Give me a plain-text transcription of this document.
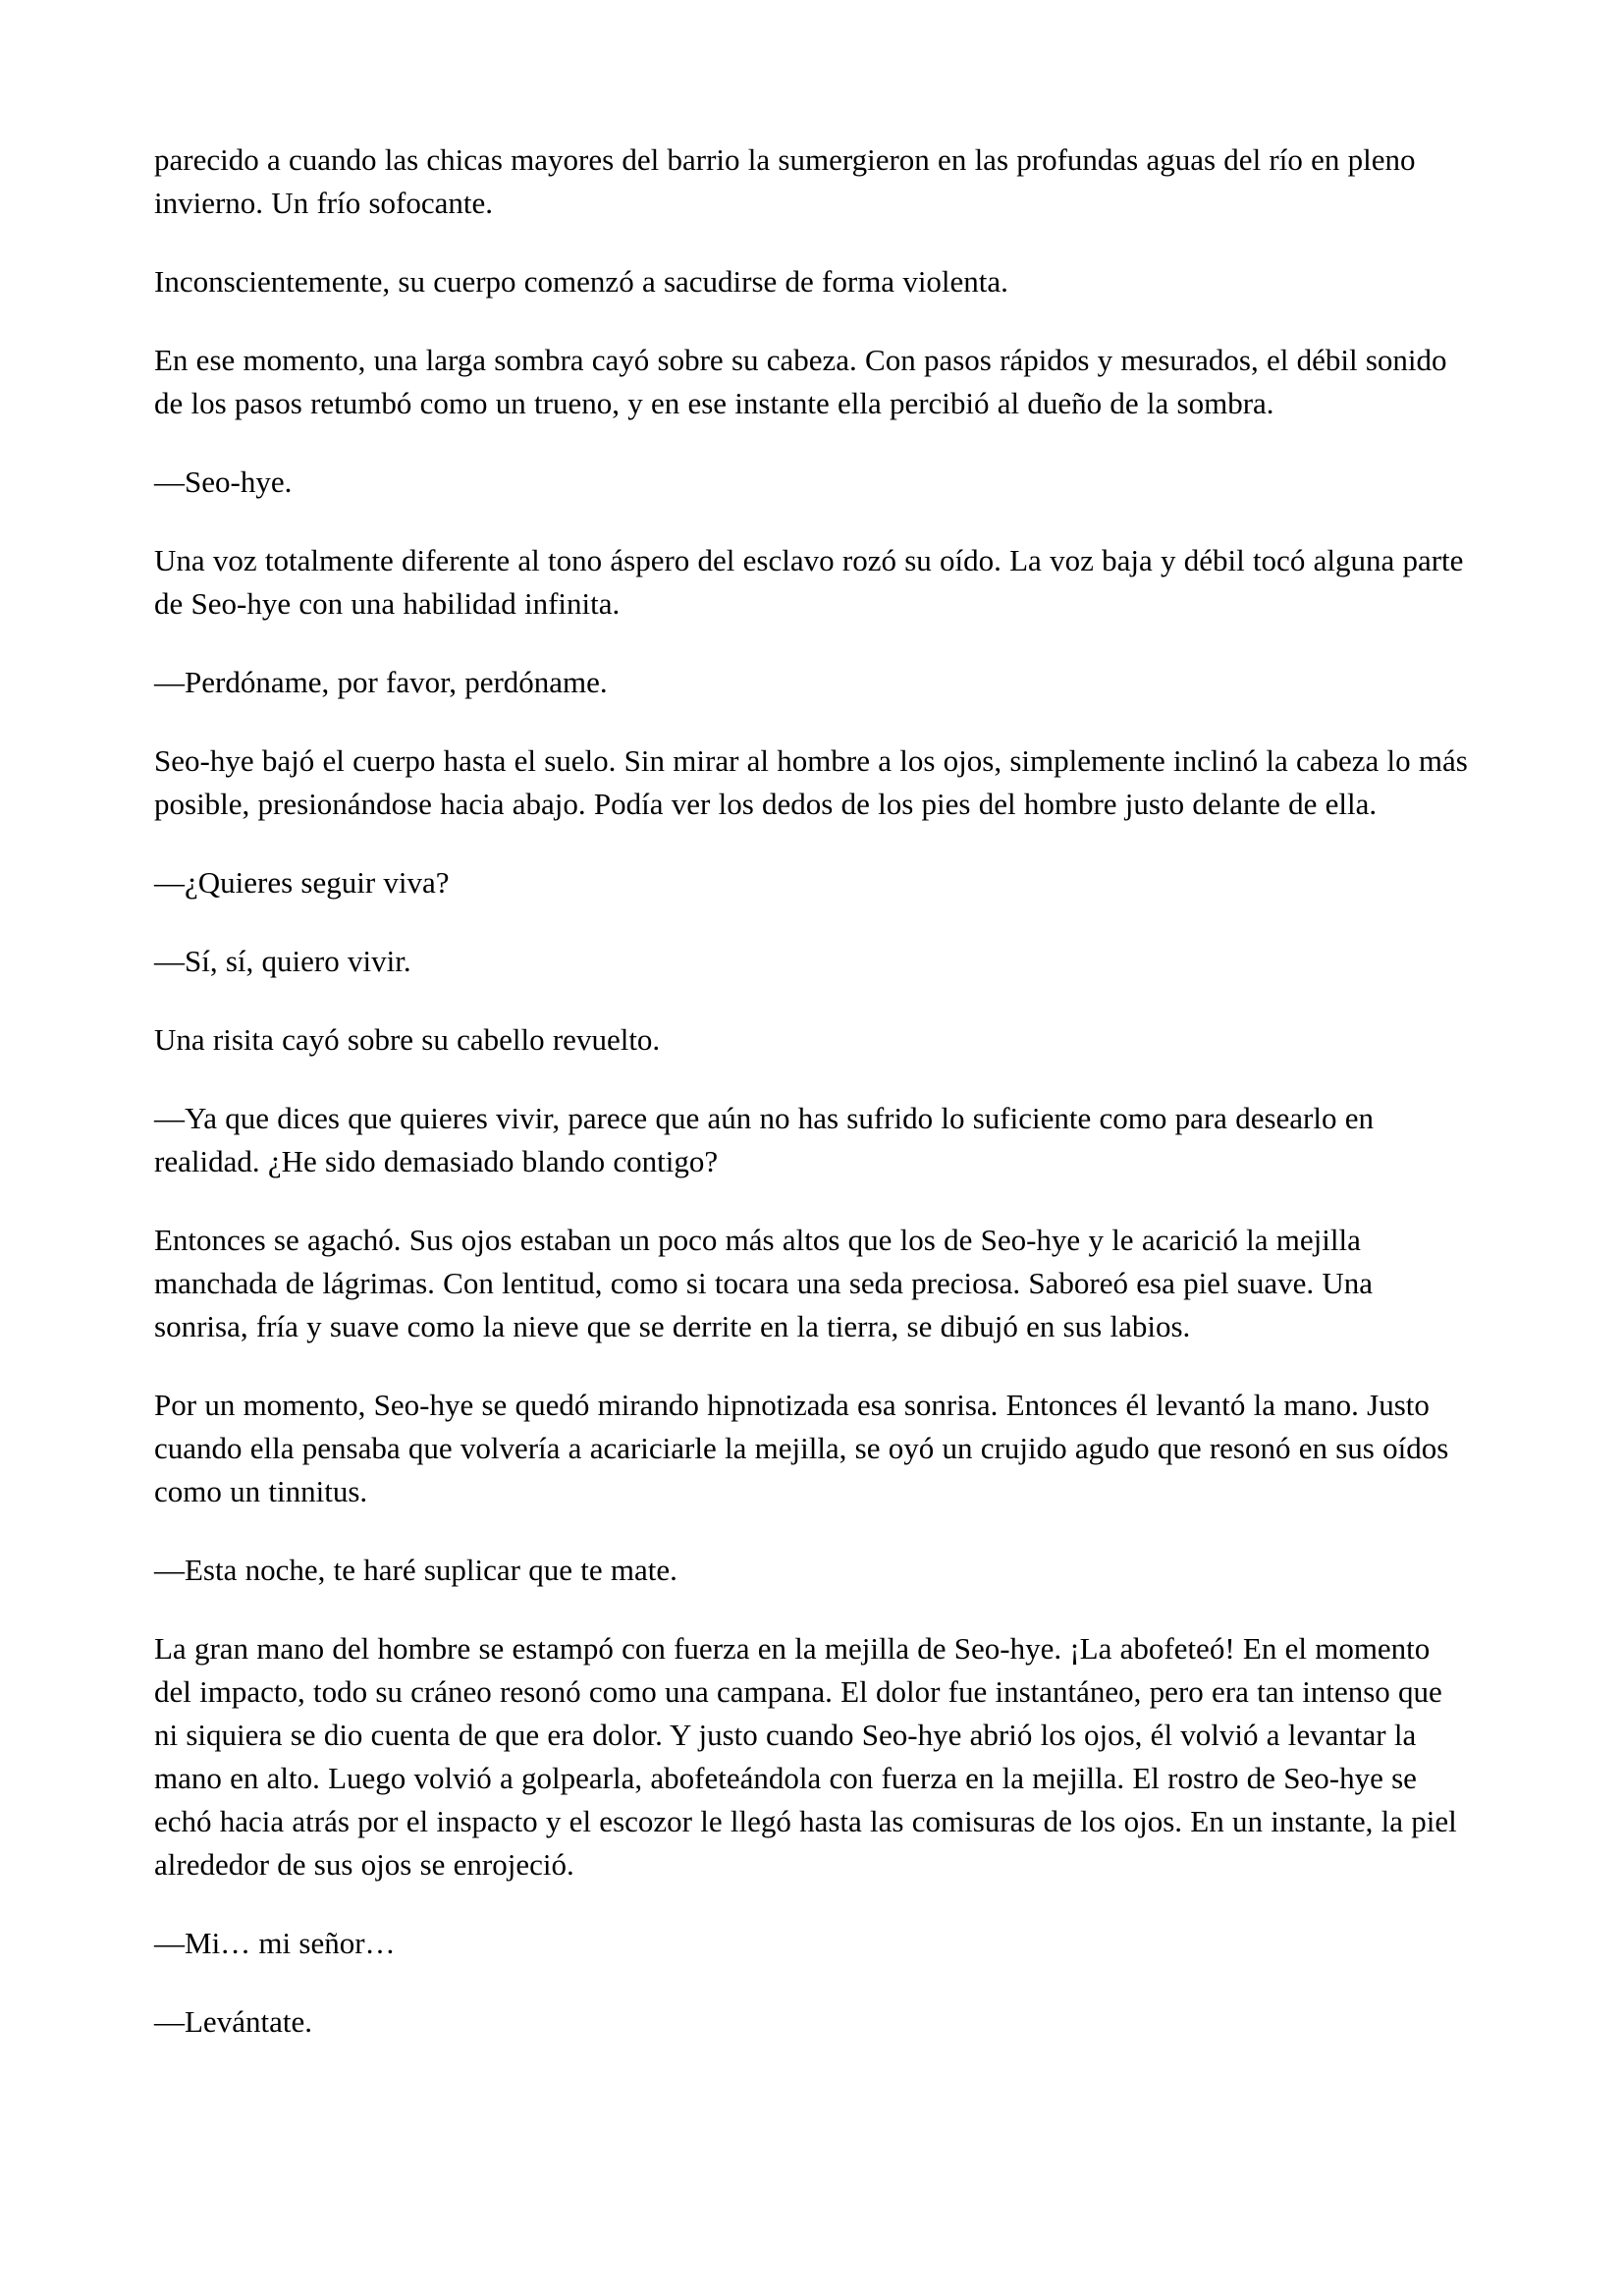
parecido a cuando las chicas mayores del barrio la sumergieron en las profundas aguas del río en pleno invierno. Un frío sofocante.

Inconscientemente, su cuerpo comenzó a sacudirse de forma violenta.

En ese momento, una larga sombra cayó sobre su cabeza. Con pasos rápidos y mesurados, el débil sonido de los pasos retumbó como un trueno, y en ese instante ella percibió al dueño de la sombra.

—Seo-hye.

Una voz totalmente diferente al tono áspero del esclavo rozó su oído. La voz baja y débil tocó alguna parte de Seo-hye con una habilidad infinita.

—Perdóname, por favor, perdóname.

Seo-hye bajó el cuerpo hasta el suelo. Sin mirar al hombre a los ojos, simplemente inclinó la cabeza lo más posible, presionándose hacia abajo. Podía ver los dedos de los pies del hombre justo delante de ella.

—¿Quieres seguir viva?

—Sí, sí, quiero vivir.

Una risita cayó sobre su cabello revuelto.

—Ya que dices que quieres vivir, parece que aún no has sufrido lo suficiente como para desearlo en realidad. ¿He sido demasiado blando contigo?

Entonces se agachó. Sus ojos estaban un poco más altos que los de Seo-hye y le acarició la mejilla manchada de lágrimas. Con lentitud, como si tocara una seda preciosa. Saboreó esa piel suave. Una sonrisa, fría y suave como la nieve que se derrite en la tierra, se dibujó en sus labios.

Por un momento, Seo-hye se quedó mirando hipnotizada esa sonrisa. Entonces él levantó la mano. Justo cuando ella pensaba que volvería a acariciarle la mejilla, se oyó un crujido agudo que resonó en sus oídos como un tinnitus.

—Esta noche, te haré suplicar que te mate.

La gran mano del hombre se estampó con fuerza en la mejilla de Seo-hye. ¡La abofeteó! En el momento del impacto, todo su cráneo resonó como una campana. El dolor fue instantáneo, pero era tan intenso que ni siquiera se dio cuenta de que era dolor. Y justo cuando Seo-hye abrió los ojos, él volvió a levantar la mano en alto. Luego volvió a golpearla, abofeteándola con fuerza en la mejilla. El rostro de Seo-hye se echó hacia atrás por el inspacto y el escozor le llegó hasta las comisuras de los ojos. En un instante, la piel alrededor de sus ojos se enrojeció.

—Mi… mi señor…

—Levántate.
